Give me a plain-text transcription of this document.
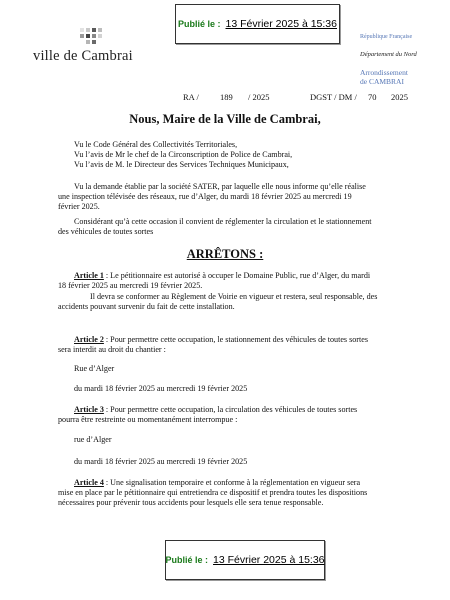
Publié le : 13 Février 2025 à 15:36
ville de Cambrai
République Française
Département du Nord
Arrondissement
de CAMBRAI
RA / 189 / 2025	DGST / DM / 70 2025
Nous, Maire de la Ville de Cambrai,
Vu le Code Général des Collectivités Territoriales,
Vu l’avis de Mr le chef de la Circonscription de Police de Cambrai,
Vu l’avis de M. le Directeur des Services Techniques Municipaux,
Vu la demande établie par la société SATER, par laquelle elle nous informe qu’elle réalise
une inspection télévisée des réseaux, rue d’Alger, du mardi 18 février 2025 au mercredi 19
février 2025.
Considérant qu’à cette occasion il convient de réglementer la circulation et le stationnement
des véhicules de toutes sortes
ARRÊTONS :
Article 1 : Le pétitionnaire est autorisé à occuper le Domaine Public, rue d’Alger, du mardi
18 février 2025 au mercredi 19 février 2025.
Il devra se conformer au Règlement de Voirie en vigueur et restera, seul responsable, des
accidents pouvant survenir du fait de cette installation.
Article 2 : Pour permettre cette occupation, le stationnement des véhicules de toutes sortes
sera interdit au droit du chantier :
Rue d’Alger
du mardi 18 février 2025 au mercredi 19 février 2025
Article 3 : Pour permettre cette occupation, la circulation des véhicules de toutes sortes
pourra être restreinte ou momentanément interrompue :
rue d’Alger
du mardi 18 février 2025 au mercredi 19 février 2025
Article 4 : Une signalisation temporaire et conforme à la réglementation en vigueur sera
mise en place par le pétitionnaire qui entretiendra ce dispositif et prendra toutes les dispositions
nécessaires pour prévenir tous accidents pour lesquels elle sera tenue responsable.
Publié le : 13 Février 2025 à 15:36
